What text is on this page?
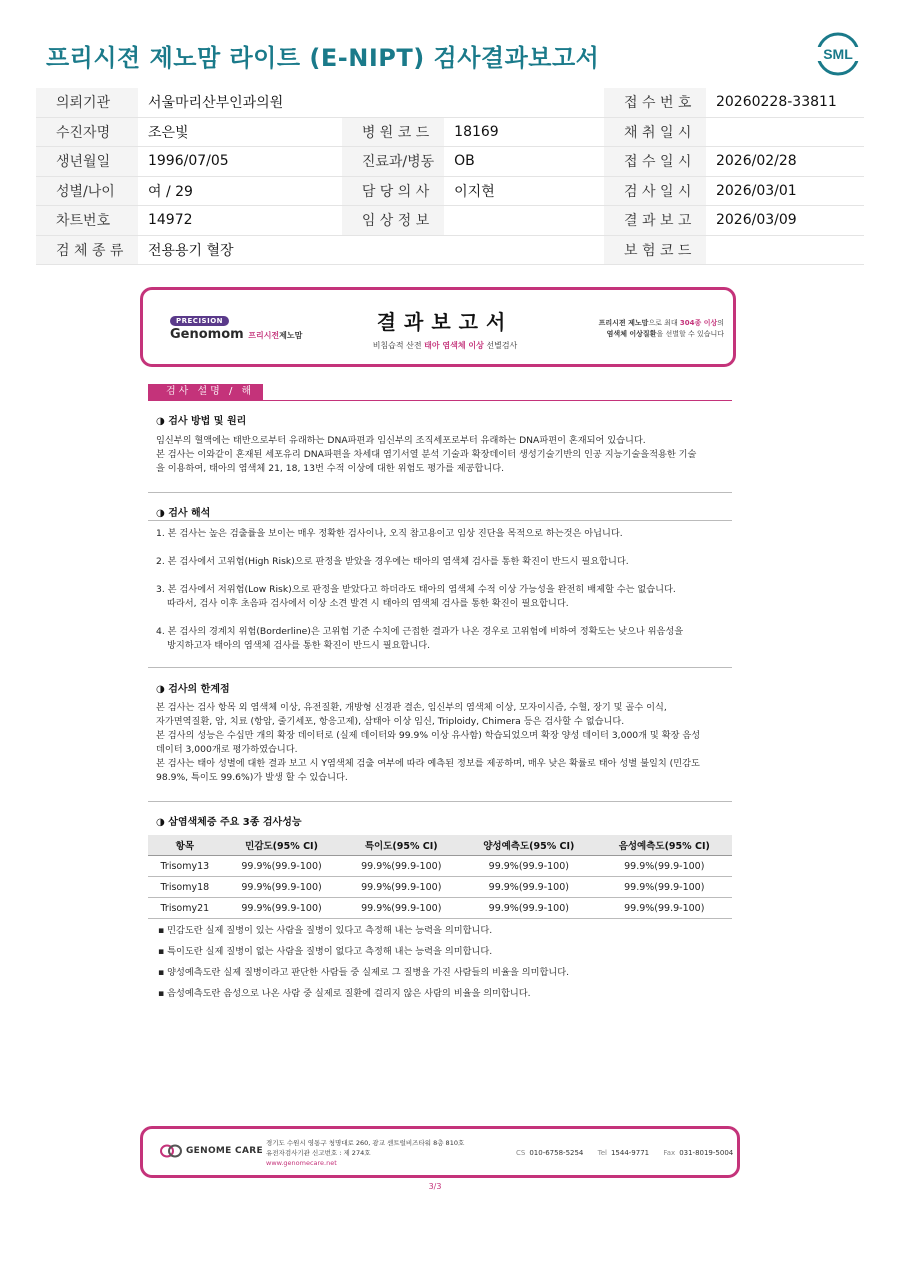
프리시젼 제노맘 라이트 (E-NIPT) 검사결과보고서	SML
의뢰기관	서울마리산부인과의원			접 수 번 호	20260228-33811
수진자명	조은빛	병 원 코 드	18169	채 취 일 시	
생년월일	1996/07/05	진료과/병동	OB	접 수 일 시	2026/02/28
성별/나이	여 / 29	담 당 의 사	이지현	검 사 일 시	2026/03/01
차트번호	14972	임 상 정 보		결 과 보 고	2026/03/09
검 체 종 류	전용용기 혈장			보 험 코 드	
PRECISION
Genomom 프리시전제노맘
결과보고서
비침습적 산전 태아 염색체 이상 선별검사
프리시젼 제노맘으로 최대 304종 이상의
염색체 이상질환을 선별할 수 있습니다
검사 설명 / 해석
◑ 검사 방법 및 원리

임신부의 혈액에는 태반으로부터 유래하는 DNA파편과 임신부의 조직세포로부터 유래하는 DNA파편이 혼재되어 있습니다.

본 검사는 이와같이 혼재된 세포유리 DNA파편을 차세대 염기서열 분석 기술과 확장데이터 생성기술기반의 인공 지능기술을적용한 기술

을 이용하여, 태아의 염색체 21, 18, 13번 수적 이상에 대한 위험도 평가를 제공합니다.

◑ 검사 해석
1. 본 검사는 높은 검출률을 보이는 매우 정확한 검사이나, 오직 참고용이고 임상 진단을 목적으로 하는것은 아닙니다.
2. 본 검사에서 고위험(High Risk)으로 판정을 받았을 경우에는 태아의 염색체 검사를 통한 확진이 반드시 필요합니다.
3. 본 검사에서 저위험(Low Risk)으로 판정을 받았다고 하더라도 태아의 염색체 수적 이상 가능성을 완전히 배제할 수는 없습니다.
따라서, 검사 이후 초음파 검사에서 이상 소견 발견 시 태아의 염색체 검사를 통한 확진이 필요합니다.
4. 본 검사의 경계치 위험(Borderline)은 고위험 기준 수치에 근접한 결과가 나온 경우로 고위험에 비하여 정확도는 낮으나 위음성을
방지하고자 태아의 염색체 검사를 통한 확진이 반드시 필요합니다.
◑ 검사의 한계점

본 검사는 검사 항목 외 염색체 이상, 유전질환, 개방형 신경관 결손, 임신부의 염색체 이상, 모자이시즘, 수혈, 장기 및 골수 이식,

자가면역질환, 암, 치료 (항암, 줄기세포, 항응고제), 삼태아 이상 임신, Triploidy, Chimera 등은 검사할 수 없습니다.

본 검사의 성능은 수십만 개의 확장 데이터로 (실제 데이터와 99.9% 이상 유사함) 학습되었으며 확장 양성 데이터 3,000개 및 확장 음성

데이터 3,000개로 평가하였습니다.

본 검사는 태아 성별에 대한 결과 보고 시 Y염색체 검출 여부에 따라 예측된 정보를 제공하며, 매우 낮은 확률로 태아 성별 불일치 (민감도

98.9%, 특이도 99.6%)가 발생 할 수 있습니다.

◑ 삼염색체증 주요 3종 검사성능
항목	민감도(95% CI)	특이도(95% CI)	양성예측도(95% CI)	음성예측도(95% CI)
Trisomy13	99.9%(99.9-100)	99.9%(99.9-100)	99.9%(99.9-100)	99.9%(99.9-100)
Trisomy18	99.9%(99.9-100)	99.9%(99.9-100)	99.9%(99.9-100)	99.9%(99.9-100)
Trisomy21	99.9%(99.9-100)	99.9%(99.9-100)	99.9%(99.9-100)	99.9%(99.9-100)
▪ 민감도란 실제 질병이 있는 사람을 질병이 있다고 측정해 내는 능력을 의미합니다.
▪ 특이도란 실제 질병이 없는 사람을 질병이 없다고 측정해 내는 능력을 의미합니다.
▪ 양성예측도란 실제 질병이라고 판단한 사람들 중 실제로 그 질병을 가진 사람들의 비율을 의미합니다.
▪ 음성예측도란 음성으로 나온 사람 중 실제로 질환에 걸리지 않은 사람의 비율을 의미합니다.
GENOME CARE
경기도 수원시 영통구 청명대로 260, 광교 센트럴비즈타워 8층 810호
유전자검사기관 신고번호 : 제 274호
www.genomecare.net
CS 010-6758-5254 Tel 1544-9771 Fax 031-8019-5004
3/3
